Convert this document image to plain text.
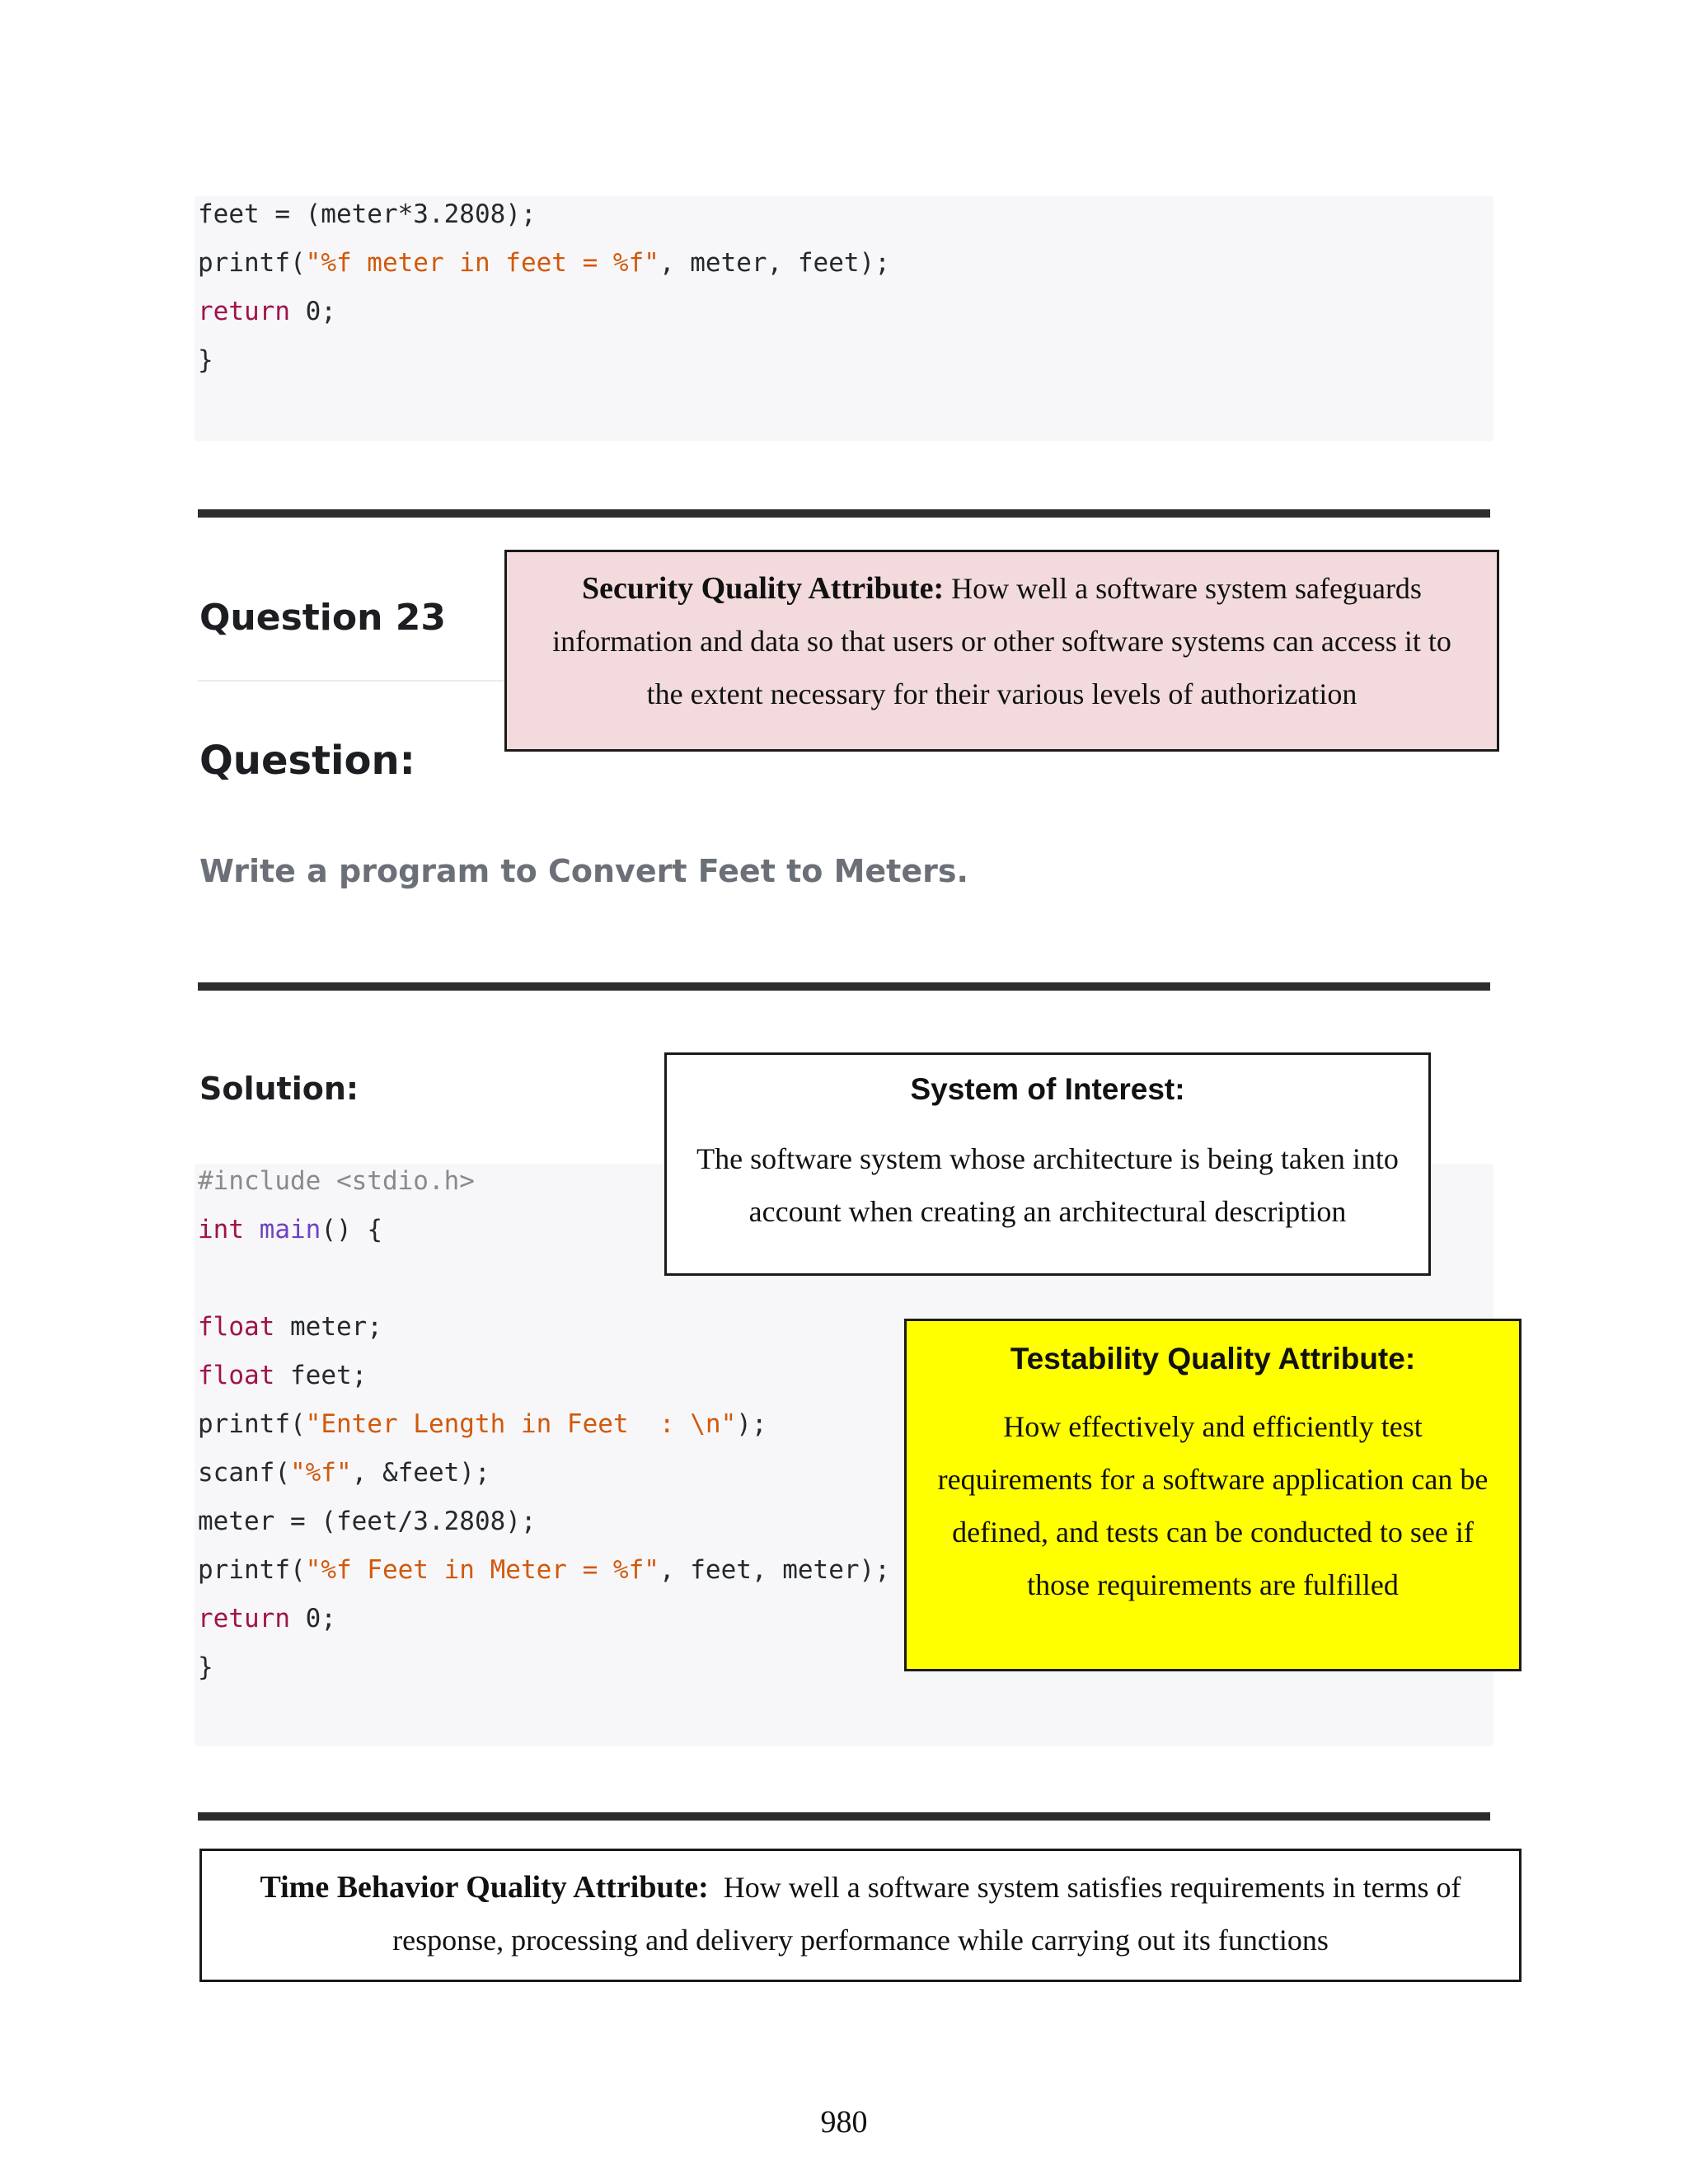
feet = (meter*3.2808);
printf("%f meter in feet = %f", meter, feet);
return 0;
}
Question 23
Question:
Write a program to Convert Feet to Meters.
Solution:
#include <stdio.h>
int main() {
float meter;
float feet;
printf("Enter Length in Feet  : \n");
scanf("%f", &feet);
meter = (feet/3.2808);
printf("%f Feet in Meter = %f", feet, meter);
return 0;
}
Security Quality Attribute: How well a software system safeguards information and data so that users or other software systems can access it to the extent necessary for their various levels of authorization
System of Interest:
The software system whose architecture is being taken into account when creating an architectural description
Testability Quality Attribute:
How effectively and efficiently test requirements for a software application can be defined, and tests can be conducted to see if those requirements are fulfilled
Time Behavior Quality Attribute:  How well a software system satisfies requirements in terms of response, processing and delivery performance while carrying out its functions
980
